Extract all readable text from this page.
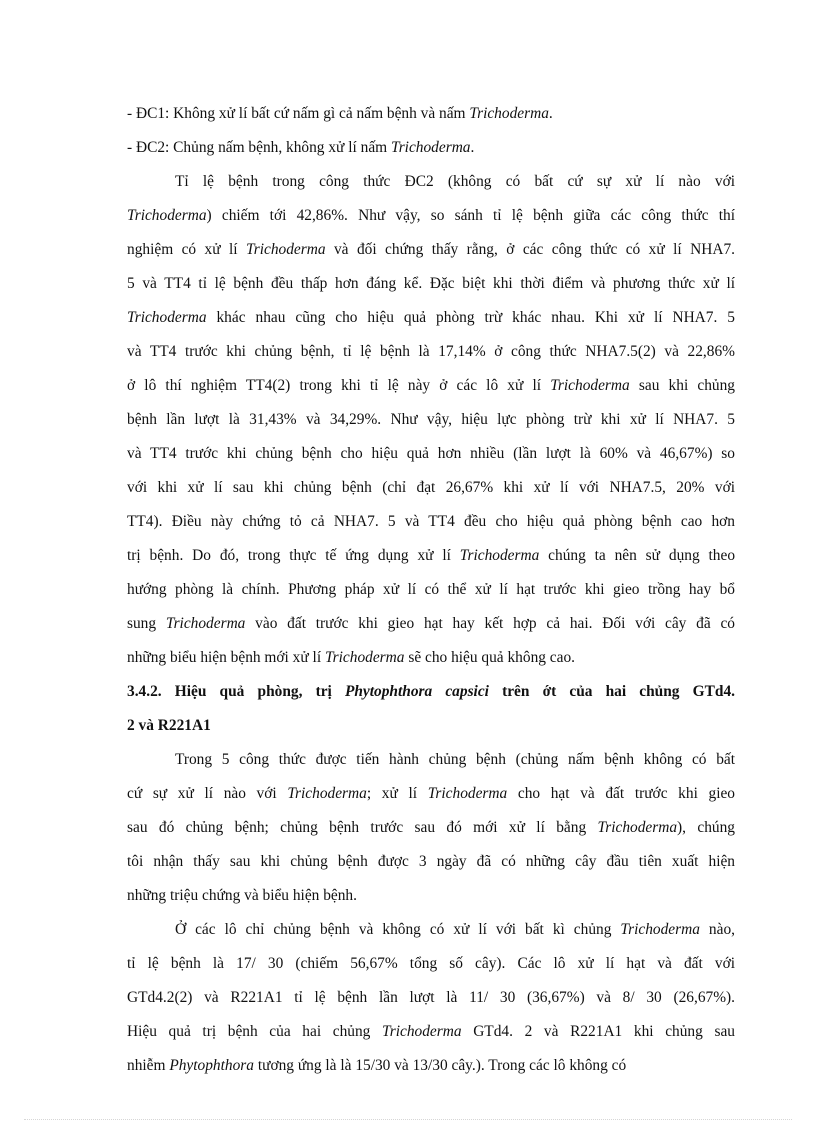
- ĐC1: Không xử lí bất cứ nấm gì cả nấm bệnh và nấm Trichoderma.
- ĐC2: Chủng nấm bệnh, không xử lí nấm Trichoderma.
Tỉ lệ bệnh trong công thức ĐC2 (không có bất cứ sự xử lí nào với
Trichoderma) chiếm tới 42,86%. Như vậy, so sánh tỉ lệ bệnh giữa các công thức thí
nghiệm có xử lí Trichoderma và đối chứng thấy rằng, ở các công thức có xử lí NHA7.
5 và TT4 tỉ lệ bệnh đều thấp hơn đáng kể. Đặc biệt khi thời điểm và phương thức xử lí
Trichoderma khác nhau cũng cho hiệu quả phòng trừ khác nhau. Khi xử lí NHA7. 5
và TT4 trước khi chủng bệnh, tỉ lệ bệnh là 17,14% ở công thức NHA7.5(2) và 22,86%
ở lô thí nghiệm TT4(2) trong khi tỉ lệ này ở các lô xử lí Trichoderma sau khi chủng
bệnh lần lượt là 31,43% và 34,29%. Như vậy, hiệu lực phòng trừ khi xử lí NHA7. 5
và TT4 trước khi chủng bệnh cho hiệu quả hơn nhiều (lần lượt là 60% và 46,67%) so
với khi xử lí sau khi chủng bệnh (chỉ đạt 26,67% khi xử lí với NHA7.5, 20% với
TT4). Điều này chứng tỏ cả NHA7. 5 và TT4 đều cho hiệu quả phòng bệnh cao hơn
trị bệnh. Do đó, trong thực tế ứng dụng xử lí Trichoderma chúng ta nên sử dụng theo
hướng phòng là chính. Phương pháp xử lí có thể xử lí hạt trước khi gieo trồng hay bổ
sung Trichoderma vào đất trước khi gieo hạt hay kết hợp cả hai. Đối với cây đã có
những biểu hiện bệnh mới xử lí Trichoderma sẽ cho hiệu quả không cao.
3.4.2. Hiệu quả phòng, trị Phytophthora capsici trên ớt của hai chủng GTd4.
2 và R221A1
Trong 5 công thức được tiến hành chủng bệnh (chủng nấm bệnh không có bất
cứ sự xử lí nào với Trichoderma; xử lí Trichoderma cho hạt và đất trước khi gieo
sau đó chủng bệnh; chủng bệnh trước sau đó mới xử lí bằng Trichoderma), chúng
tôi nhận thấy sau khi chủng bệnh được 3 ngày đã có những cây đầu tiên xuất hiện
những triệu chứng và biểu hiện bệnh.
Ở các lô chỉ chủng bệnh và không có xử lí với bất kì chủng Trichoderma nào,
tỉ lệ bệnh là 17/ 30 (chiếm 56,67% tổng số cây). Các lô xử lí hạt và đất với
GTd4.2(2) và R221A1 tỉ lệ bệnh lần lượt là 11/ 30 (36,67%) và 8/ 30 (26,67%).
Hiệu quả trị bệnh của hai chủng Trichoderma GTd4. 2 và R221A1 khi chủng sau
nhiễm Phytophthora tương ứng là là 15/30 và 13/30 cây.). Trong các lô không có
